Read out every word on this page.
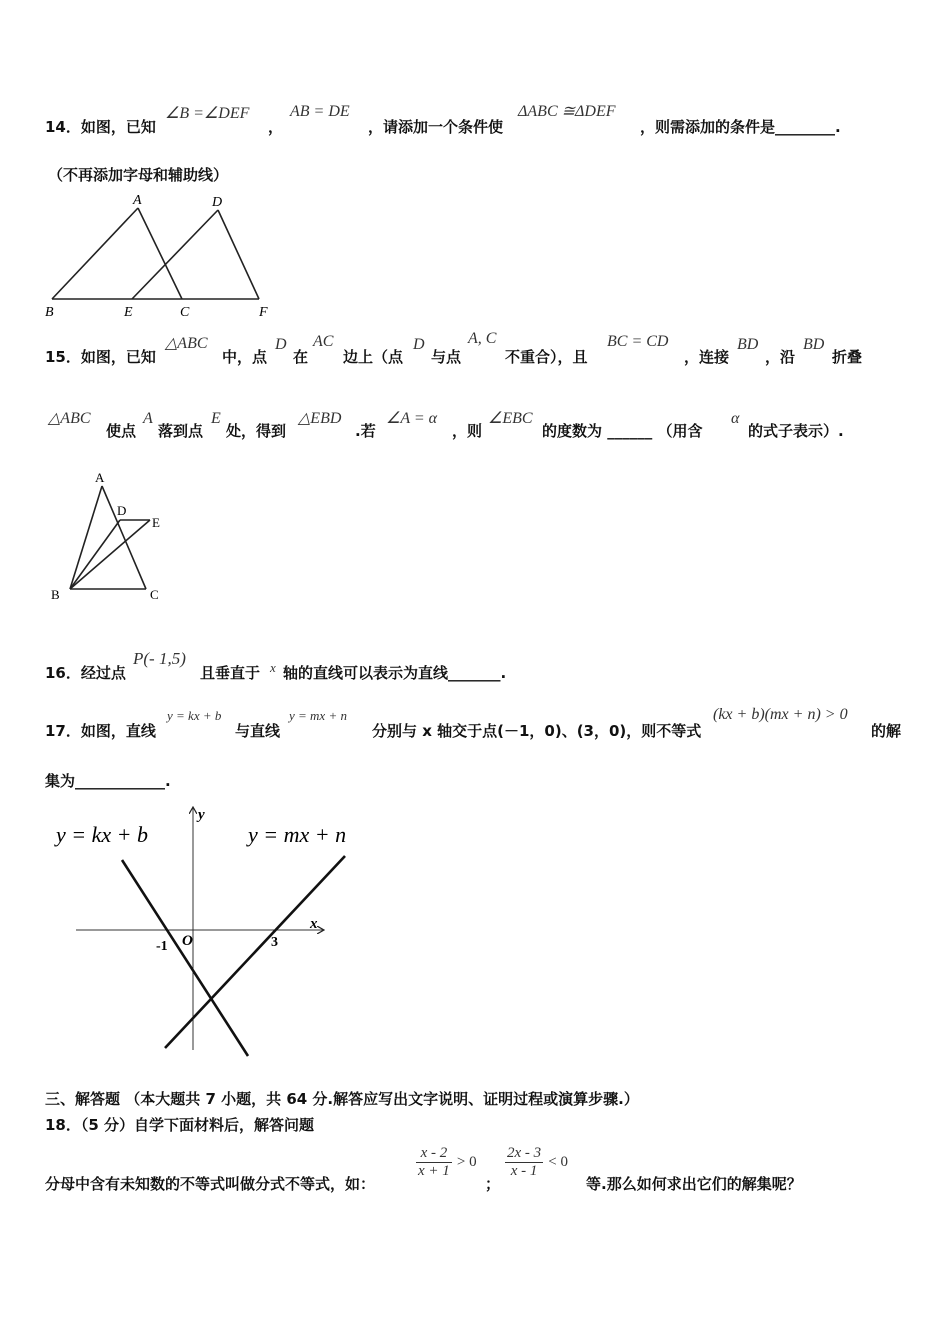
14．如图，已知
∠B =∠DEF
，
AB = DE
，请添加一个条件使
ΔABC ≅ΔDEF
，则需添加的条件是________.
（不再添加字母和辅助线）
A	D
B	E	C	F
15．如图，已知
△ABC
中，点
D
在
AC
边上（点
D
与点
A, C
不重合），且
BC = CD
，连接
BD
，沿
BD
折叠
△ABC
使点
A
落到点
E
处，得到
△EBD
.若
∠A = α
，则
∠EBC
的度数为 ______ （用含
α
的式子表示）.
A
D
E
B	C
16．经过点
P(- 1,5)
且垂直于 x 轴的直线可以表示为直线_______.
17．如图，直线
y = kx + b
与直线
y = mx + n
分别与 x 轴交于点(－1，0)、(3，0)，则不等式
(kx + b)(mx + n) > 0
的解
集为____________.
y = kx + b	y = mx + n
y
x
O
-1	3
三、解答题 （本大题共 7 小题，共 64 分.解答应写出文字说明、证明过程或演算步骤.）
18．（5 分）自学下面材料后，解答问题
分母中含有未知数的不等式叫做分式不等式，如：
$\frac{x - 2}{x + 1} > 0$
；
$\frac{2x - 3}{x - 1} < 0$
等.那么如何求出它们的解集呢？
